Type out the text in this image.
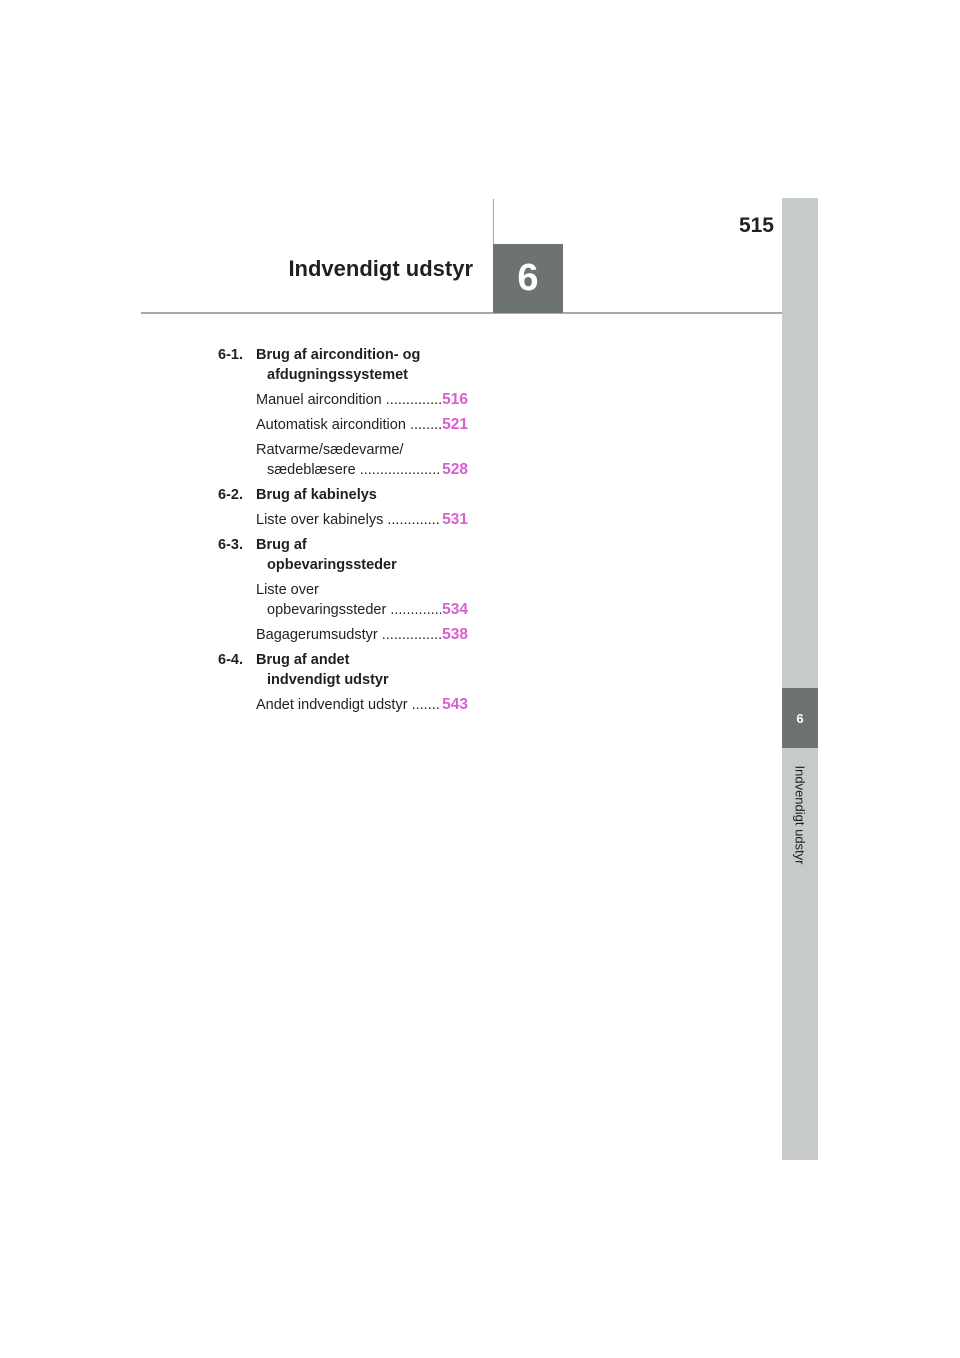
515
Indvendigt udstyr 6
6
Indvendigt udstyr
6-1. Brug af aircondition- og
afdugningssystemet
Manuel aircondition .....	516
Automatisk aircondition .....	521
Ratvarme/sædevarme/
sædeblæsere .....	528
6-2. Brug af kabinelys
Liste over kabinelys .....	531
6-3. Brug af
opbevaringssteder
Liste over
opbevaringssteder .....	534
Bagagerumsudstyr .....	538
6-4. Brug af andet
indvendigt udstyr
Andet indvendigt udstyr .....	543
